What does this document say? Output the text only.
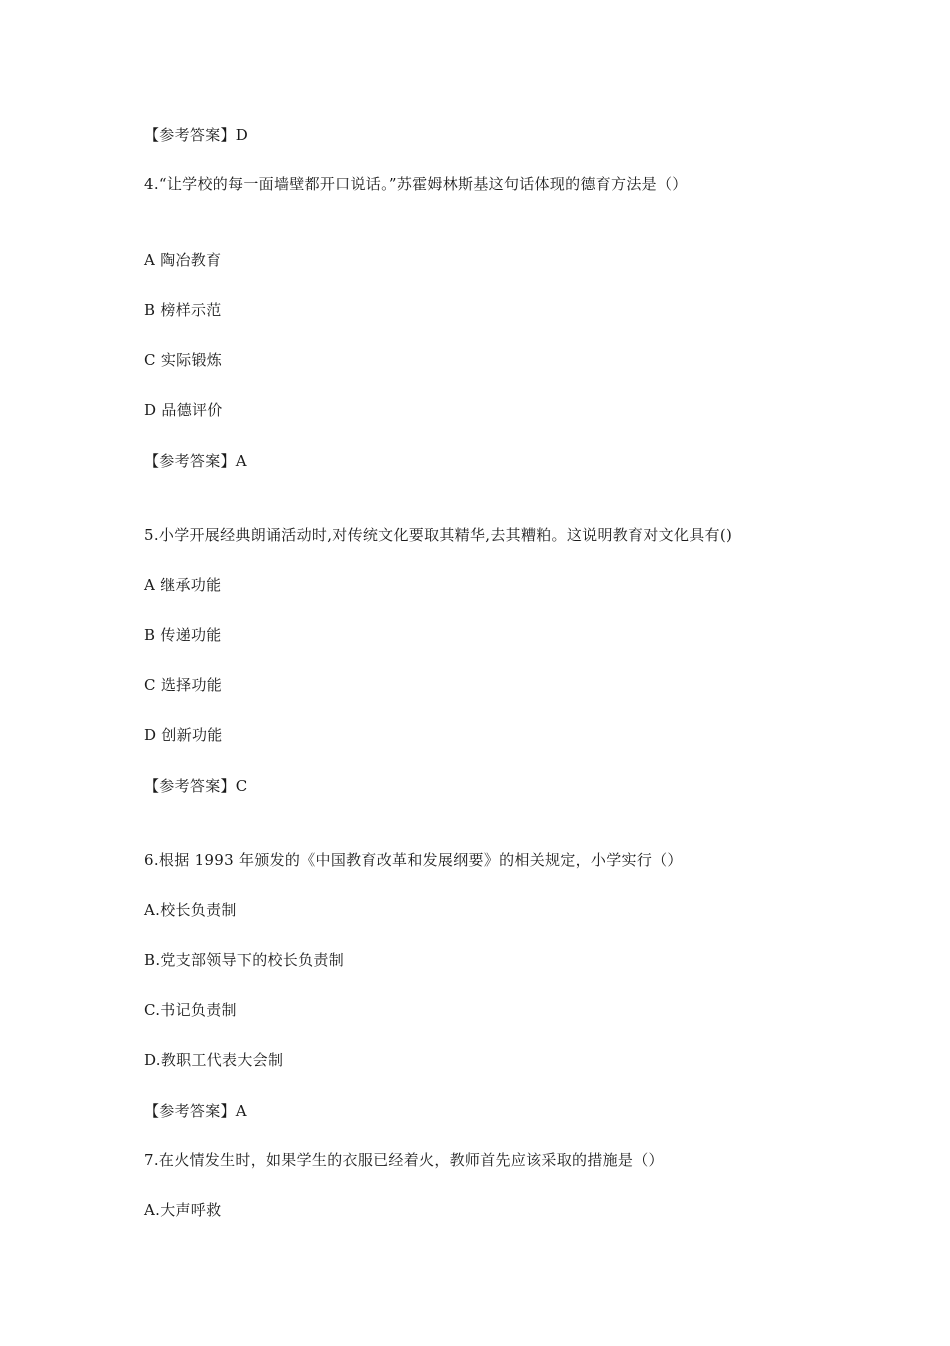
【参考答案】D
4.“让学校的每一面墙壁都开口说话。”苏霍姆林斯基这句话体现的德育方法是（）
A 陶冶教育
B 榜样示范
C 实际锻炼
D 品德评价
【参考答案】A
5.小学开展经典朗诵活动时,对传统文化要取其精华,去其糟粕。这说明教育对文化具有()
A 继承功能
B 传递功能
C 选择功能
D 创新功能
【参考答案】C
6.根据 1993 年颁发的《中国教育改革和发展纲要》的相关规定，小学实行（）
A.校长负责制
B.党支部领导下的校长负责制
C.书记负责制
D.教职工代表大会制
【参考答案】A
7.在火情发生时，如果学生的衣服已经着火，教师首先应该采取的措施是（）
A.大声呼救
